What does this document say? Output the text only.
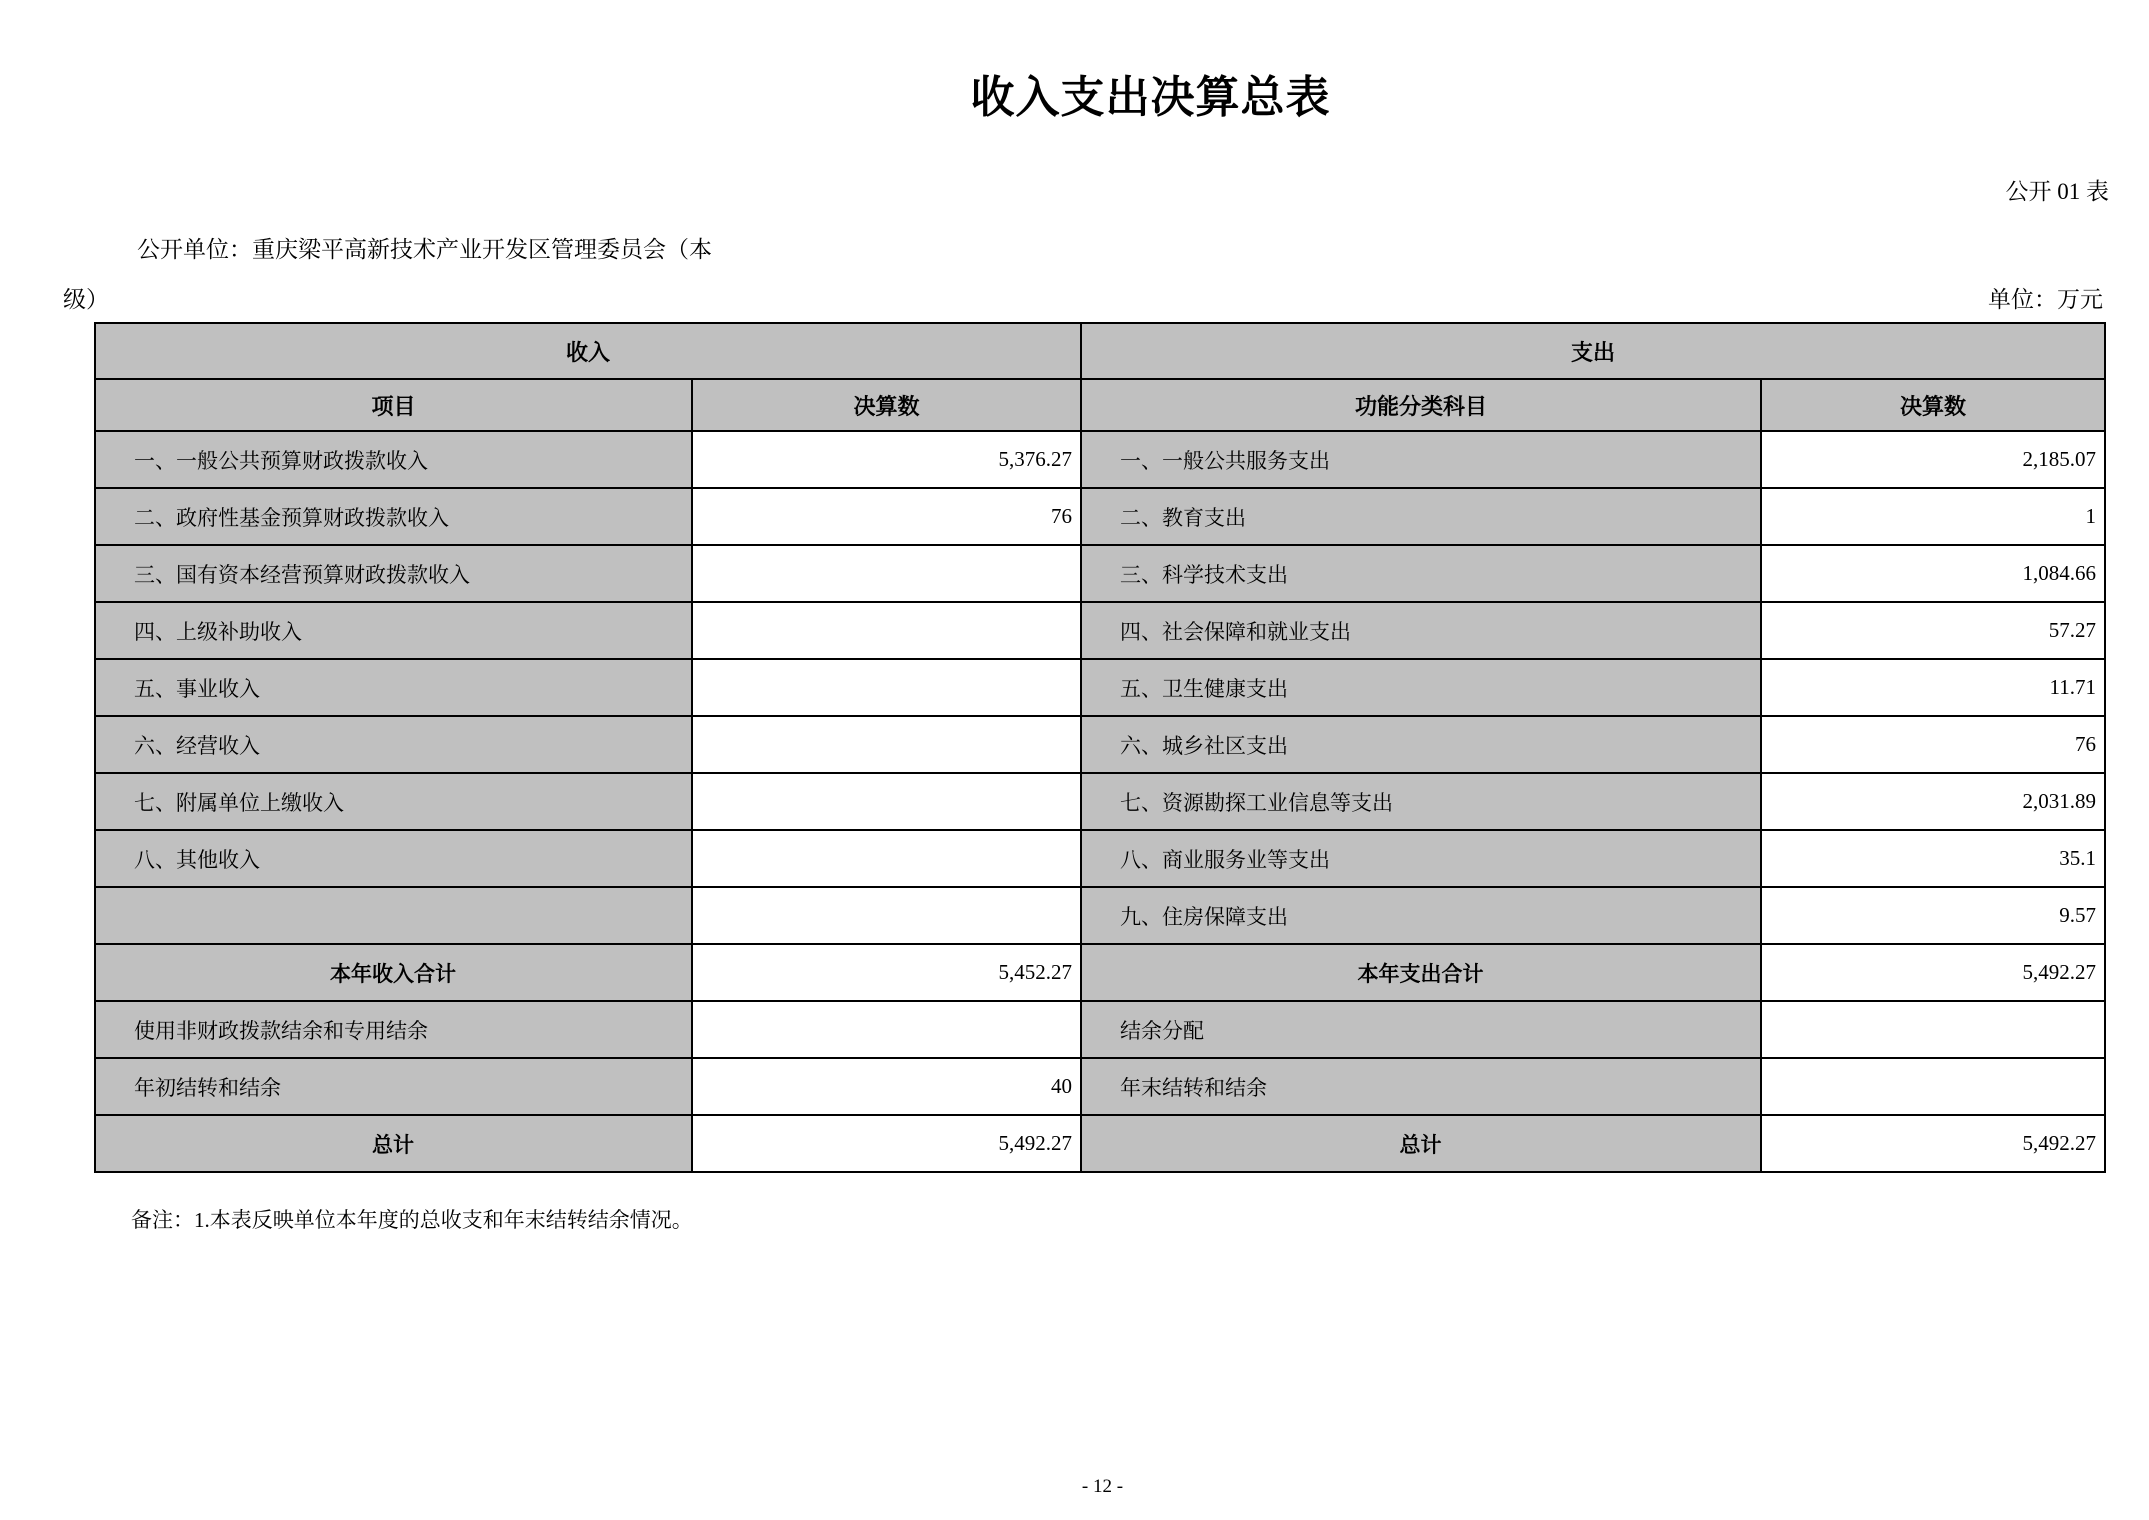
收入支出决算总表
公开 01 表
公开单位：重庆梁平高新技术产业开发区管理委员会（本
级）	单位：万元
收入		支出	
项目	决算数	功能分类科目	决算数
一、一般公共预算财政拨款收入	5,376.27	一、一般公共服务支出	2,185.07
二、政府性基金预算财政拨款收入	76	二、教育支出	1
三、国有资本经营预算财政拨款收入		三、科学技术支出	1,084.66
四、上级补助收入		四、社会保障和就业支出	57.27
五、事业收入		五、卫生健康支出	11.71
六、经营收入		六、城乡社区支出	76
七、附属单位上缴收入		七、资源勘探工业信息等支出	2,031.89
八、其他收入		八、商业服务业等支出	35.1
		九、住房保障支出	9.57
本年收入合计	5,452.27	本年支出合计	5,492.27
使用非财政拨款结余和专用结余		结余分配	
年初结转和结余	40	年末结转和结余	
总计	5,492.27	总计	5,492.27
备注：1.本表反映单位本年度的总收支和年末结转结余情况。
- 12 -
